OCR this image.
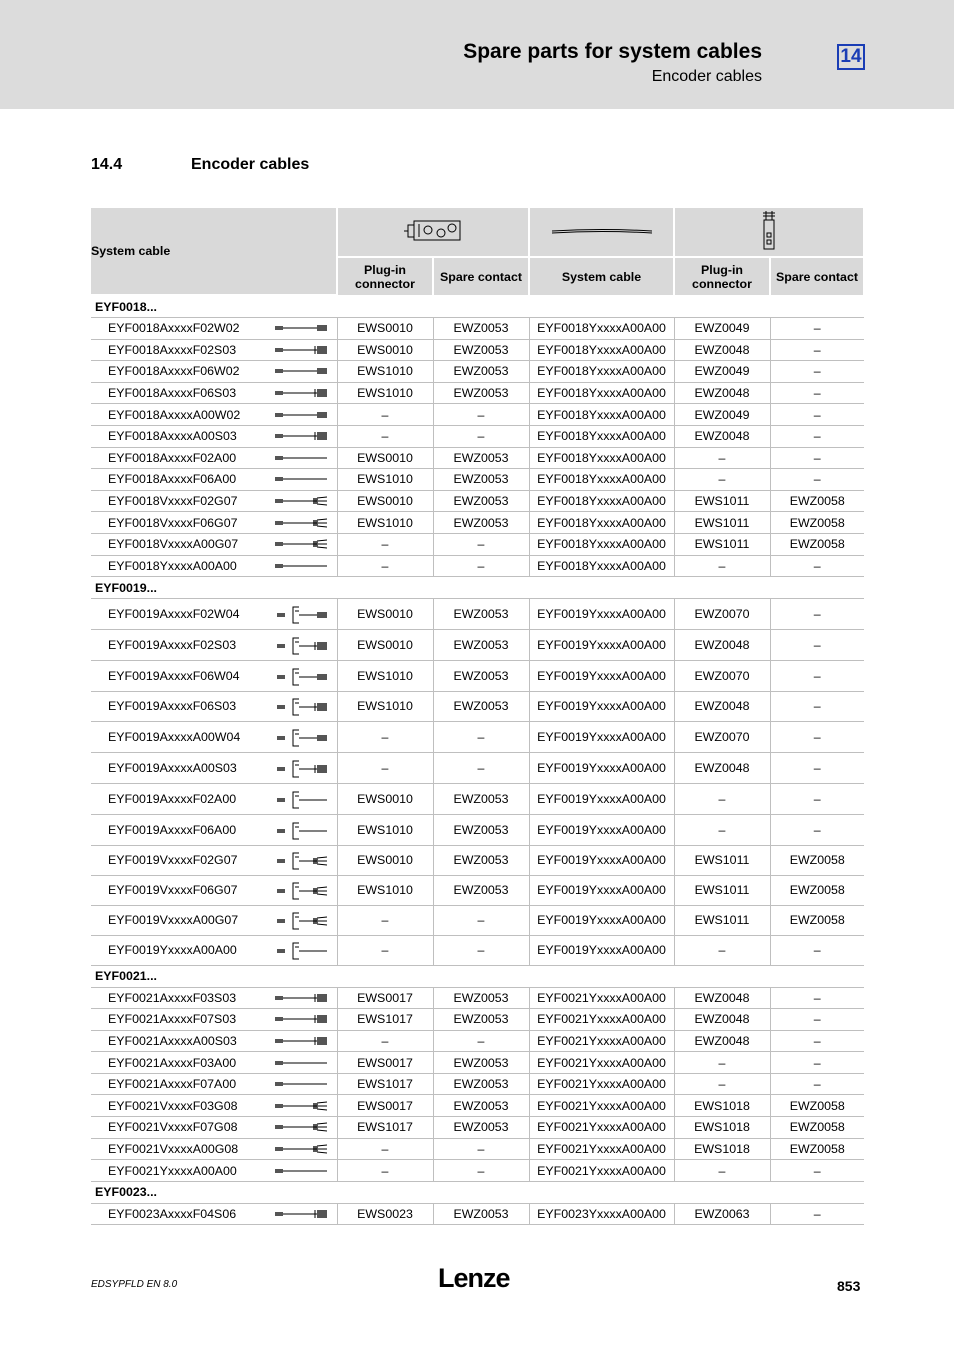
Spare parts for system cables
Encoder cables
14
14.4	Encoder cables
System cable			
		Plug-in connector	Spare contact	System cable	Plug-in connector	Spare contact
EYF0018...						
EYF0018AxxxxF02W02		EWS0010	EWZ0053	EYF0018YxxxxA00A00	EWZ0049	–
EYF0018AxxxxF02S03		EWS0010	EWZ0053	EYF0018YxxxxA00A00	EWZ0048	–
EYF0018AxxxxF06W02		EWS1010	EWZ0053	EYF0018YxxxxA00A00	EWZ0049	–
EYF0018AxxxxF06S03		EWS1010	EWZ0053	EYF0018YxxxxA00A00	EWZ0048	–
EYF0018AxxxxA00W02		–	–	EYF0018YxxxxA00A00	EWZ0049	–
EYF0018AxxxxA00S03		–	–	EYF0018YxxxxA00A00	EWZ0048	–
EYF0018AxxxxF02A00		EWS0010	EWZ0053	EYF0018YxxxxA00A00	–	–
EYF0018AxxxxF06A00		EWS1010	EWZ0053	EYF0018YxxxxA00A00	–	–
EYF0018VxxxxF02G07		EWS0010	EWZ0053	EYF0018YxxxxA00A00	EWS1011	EWZ0058
EYF0018VxxxxF06G07		EWS1010	EWZ0053	EYF0018YxxxxA00A00	EWS1011	EWZ0058
EYF0018VxxxxA00G07		–	–	EYF0018YxxxxA00A00	EWS1011	EWZ0058
EYF0018YxxxxA00A00		–	–	EYF0018YxxxxA00A00	–	–
EYF0019...						
EYF0019AxxxxF02W04		EWS0010	EWZ0053	EYF0019YxxxxA00A00	EWZ0070	–
EYF0019AxxxxF02S03		EWS0010	EWZ0053	EYF0019YxxxxA00A00	EWZ0048	–
EYF0019AxxxxF06W04		EWS1010	EWZ0053	EYF0019YxxxxA00A00	EWZ0070	–
EYF0019AxxxxF06S03		EWS1010	EWZ0053	EYF0019YxxxxA00A00	EWZ0048	–
EYF0019AxxxxA00W04		–	–	EYF0019YxxxxA00A00	EWZ0070	–
EYF0019AxxxxA00S03		–	–	EYF0019YxxxxA00A00	EWZ0048	–
EYF0019AxxxxF02A00		EWS0010	EWZ0053	EYF0019YxxxxA00A00	–	–
EYF0019AxxxxF06A00		EWS1010	EWZ0053	EYF0019YxxxxA00A00	–	–
EYF0019VxxxxF02G07		EWS0010	EWZ0053	EYF0019YxxxxA00A00	EWS1011	EWZ0058
EYF0019VxxxxF06G07		EWS1010	EWZ0053	EYF0019YxxxxA00A00	EWS1011	EWZ0058
EYF0019VxxxxA00G07		–	–	EYF0019YxxxxA00A00	EWS1011	EWZ0058
EYF0019YxxxxA00A00		–	–	EYF0019YxxxxA00A00	–	–
EYF0021...						
EYF0021AxxxxF03S03		EWS0017	EWZ0053	EYF0021YxxxxA00A00	EWZ0048	–
EYF0021AxxxxF07S03		EWS1017	EWZ0053	EYF0021YxxxxA00A00	EWZ0048	–
EYF0021AxxxxA00S03		–	–	EYF0021YxxxxA00A00	EWZ0048	–
EYF0021AxxxxF03A00		EWS0017	EWZ0053	EYF0021YxxxxA00A00	–	–
EYF0021AxxxxF07A00		EWS1017	EWZ0053	EYF0021YxxxxA00A00	–	–
EYF0021VxxxxF03G08		EWS0017	EWZ0053	EYF0021YxxxxA00A00	EWS1018	EWZ0058
EYF0021VxxxxF07G08		EWS1017	EWZ0053	EYF0021YxxxxA00A00	EWS1018	EWZ0058
EYF0021VxxxxA00G08		–	–	EYF0021YxxxxA00A00	EWS1018	EWZ0058
EYF0021YxxxxA00A00		–	–	EYF0021YxxxxA00A00	–	–
EYF0023...						
EYF0023AxxxxF04S06		EWS0023	EWZ0053	EYF0023YxxxxA00A00	EWZ0063	–
EDSYPFLD EN 8.0	Lenze	853
